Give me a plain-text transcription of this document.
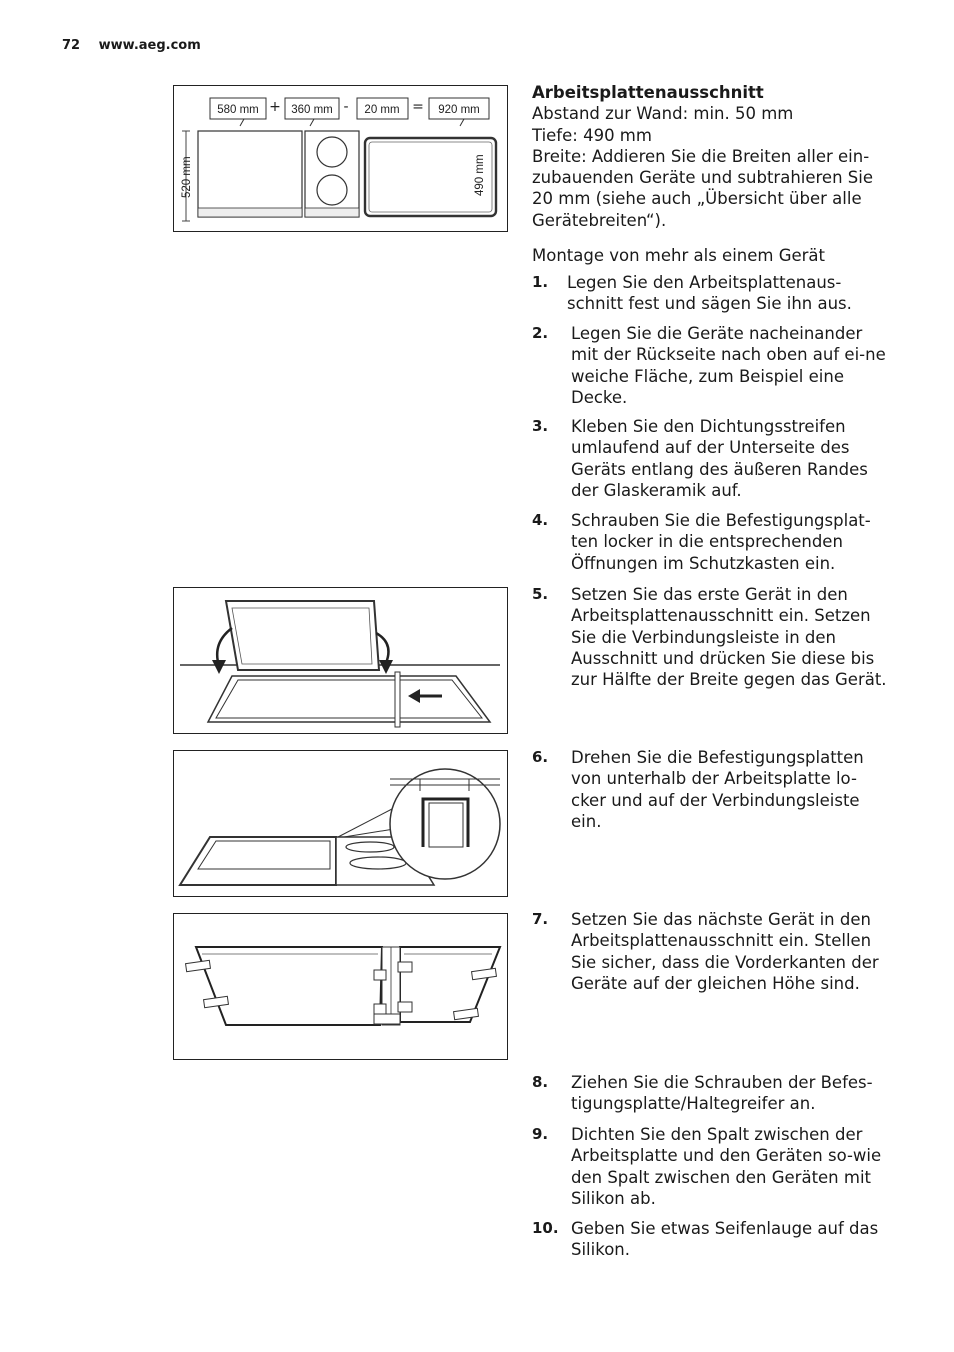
72 www.aeg.com
580 mm + 360 mm - 20 mm = 920 mm
520 mm	490 mm
Arbeitsplattenausschnitt
Abstand zur Wand: min. 50 mm
Tiefe: 490 mm
Breite: Addieren Sie die Breiten aller ein-zubauenden Geräte und subtrahieren Sie 20 mm (siehe auch „Übersicht über alle Gerätebreiten“).
Montage von mehr als einem Gerät
1. Legen Sie den Arbeitsplattenaus-schnitt fest und sägen Sie ihn aus.
2. Legen Sie die Geräte nacheinander mit der Rückseite nach oben auf ei-ne weiche Fläche, zum Beispiel eine Decke.
3. Kleben Sie den Dichtungsstreifen umlaufend auf der Unterseite des Geräts entlang des äußeren Randes der Glaskeramik auf.
4. Schrauben Sie die Befestigungsplat-ten locker in die entsprechenden Öffnungen im Schutzkasten ein.
5. Setzen Sie das erste Gerät in den Arbeitsplattenausschnitt ein. Setzen Sie die Verbindungsleiste in den Ausschnitt und drücken Sie diese bis zur Hälfte der Breite gegen das Gerät.
6. Drehen Sie die Befestigungsplatten von unterhalb der Arbeitsplatte lo-cker und auf der Verbindungsleiste ein.
7. Setzen Sie das nächste Gerät in den Arbeitsplattenausschnitt ein. Stellen Sie sicher, dass die Vorderkanten der Geräte auf der gleichen Höhe sind.
8. Ziehen Sie die Schrauben der Befes-tigungsplatte/Haltegreifer an.
9. Dichten Sie den Spalt zwischen der Arbeitsplatte und den Geräten so-wie den Spalt zwischen den Geräten mit Silikon ab.
10. Geben Sie etwas Seifenlauge auf das Silikon.
